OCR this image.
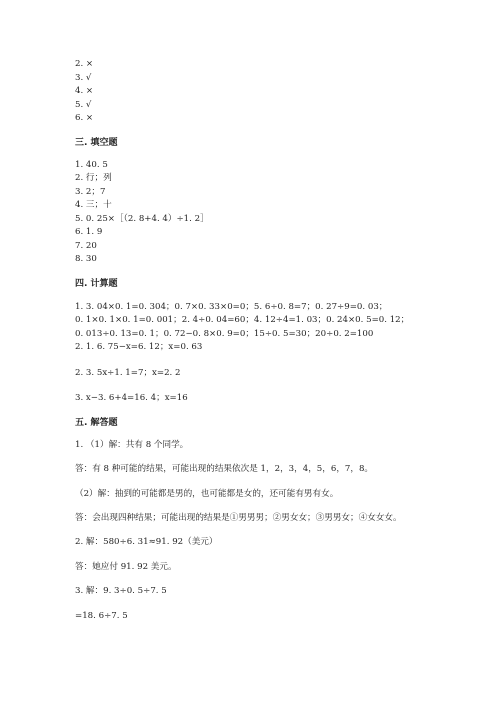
2. ×
3. √
4. ×
5. √
6. ×
三. 填空题
1. 40. 5
2. 行；列
3. 2；7
4. 三；十
5. 0. 25×［（2. 8+4. 4）÷1. 2］
6. 1. 9
7. 20
8. 30
四. 计算题
1. 3. 04×0. 1=0. 304；0. 7×0. 33×0=0；5. 6÷0. 8=7；0. 27÷9=0. 03；
0. 1×0. 1×0. 1=0. 001；2. 4÷0. 04=60；4. 12÷4=1. 03；0. 24×0. 5=0. 12；
0. 013÷0. 13=0. 1；0. 72−0. 8×0. 9=0；15÷0. 5=30；20÷0. 2=100
2. 1. 6. 75−x=6. 12；x=0. 63
2. 3. 5x÷1. 1=7；x=2. 2
3. x−3. 6+4=16. 4；x=16
五. 解答题
1. （1）解：共有 8 个同学。
答：有 8 种可能的结果，可能出现的结果依次是 1，2，3，4，5，6，7，8。
（2）解：抽到的可能都是男的，也可能都是女的，还可能有男有女。
答：会出现四种结果；可能出现的结果是①男男男；②男女女；③男男女；④女女女。
2. 解：580÷6. 31≈91. 92（美元）
答：她应付 91. 92 美元。
3. 解：9. 3÷0. 5÷7. 5
=18. 6÷7. 5
